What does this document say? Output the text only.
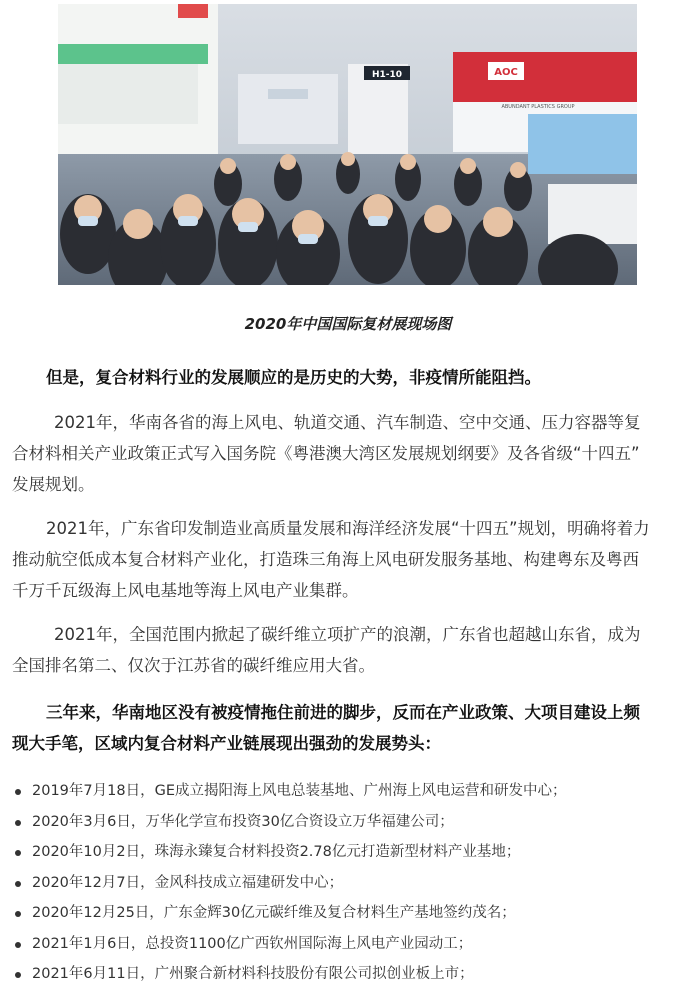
H1-10	AOC
ABUNDANT PLASTICS GROUP
2020年中国国际复材展现场图
但是，复合材料行业的发展顺应的是历史的大势，非疫情所能阻挡。
2021年，华南各省的海上风电、轨道交通、汽车制造、空中交通、压力容器等复
合材料相关产业政策正式写入国务院《粤港澳大湾区发展规划纲要》及各省级“十四五”
发展规划。
2021年，广东省印发制造业高质量发展和海洋经济发展“十四五”规划，明确将着力
推动航空低成本复合材料产业化，打造珠三角海上风电研发服务基地、构建粤东及粤西
千万千瓦级海上风电基地等海上风电产业集群。
2021年，全国范围内掀起了碳纤维立项扩产的浪潮，广东省也超越山东省，成为
全国排名第二、仅次于江苏省的碳纤维应用大省。
三年来，华南地区没有被疫情拖住前进的脚步，反而在产业政策、大项目建设上频
现大手笔，区域内复合材料产业链展现出强劲的发展势头：
2019年7月18日，GE成立揭阳海上风电总装基地、广州海上风电运营和研发中心；
2020年3月6日，万华化学宣布投资30亿合资设立万华福建公司；
2020年10月2日，珠海永臻复合材料投资2.78亿元打造新型材料产业基地；
2020年12月7日，金风科技成立福建研发中心；
2020年12月25日，广东金辉30亿元碳纤维及复合材料生产基地签约茂名；
2021年1月6日，总投资1100亿广西钦州国际海上风电产业园动工；
2021年6月11日，广州聚合新材料科技股份有限公司拟创业板上市；
